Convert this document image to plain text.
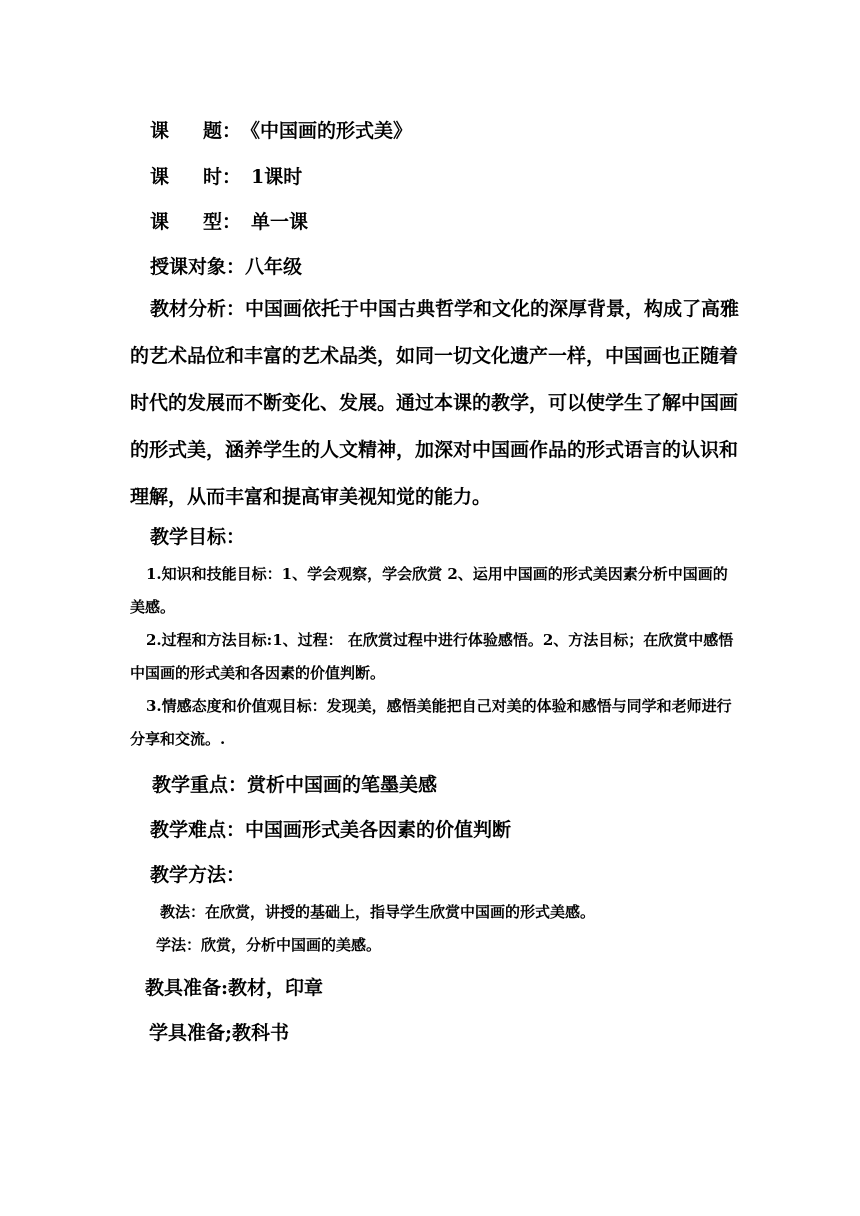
课题：《中国画的形式美》
课时： 1课时
课型： 单一课
授课对象：八年级
教材分析：中国画依托于中国古典哲学和文化的深厚背景，构成了高雅的艺术品位和丰富的艺术品类，如同一切文化遗产一样，中国画也正随着时代的发展而不断变化、发展。通过本课的教学，可以使学生了解中国画的形式美，涵养学生的人文精神，加深对中国画作品的形式语言的认识和理解，从而丰富和提高审美视知觉的能力。
教学目标：
1.知识和技能目标：1、学会观察，学会欣赏 2、运用中国画的形式美因素分析中国画的美感。
2.过程和方法目标:1、过程： 在欣赏过程中进行体验感悟。2、方法目标；在欣赏中感悟中国画的形式美和各因素的价值判断。
3.情感态度和价值观目标：发现美，感悟美能把自己对美的体验和感悟与同学和老师进行分享和交流。.
教学重点：赏析中国画的笔墨美感
教学难点：中国画形式美各因素的价值判断
教学方法：
教法：在欣赏，讲授的基础上，指导学生欣赏中国画的形式美感。
学法：欣赏，分析中国画的美感。
教具准备:教材，印章
学具准备;教科书
